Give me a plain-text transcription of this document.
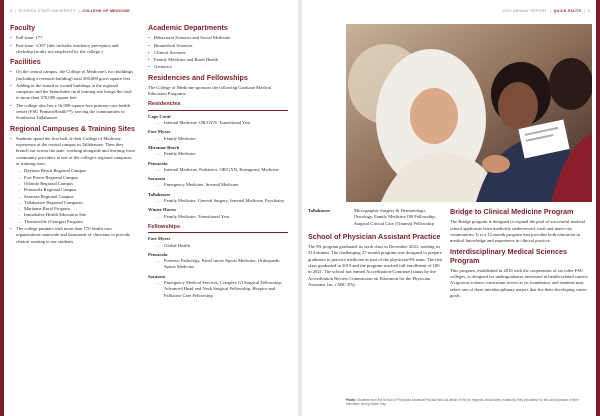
8  |  FLORIDA STATE UNIVERSITY  |  COLLEGE OF MEDICINE
Faculty
• Full-time: 177
• Part-time: 3,397 (this includes residency preceptors and clerkship faculty not employed by the college.)
Facilities
• On the central campus, the College of Medicine's two buildings (including a research building) total 300,000 gross square feet.
• Adding in the leased or owned buildings at the regional campuses and the Immokalee rural training site brings the total to more than 378,000 square feet.
• The college also has a 16,000-square-foot primary-care health center (FSU PrimaryHealth™), serving the communities in Southwest Tallahassee.
Regional Campuses & Training Sites
• Students spend the first half of their College of Medicine experience at the central campus in Tallahassee. Then they branch out across the state, working alongside and learning from community providers at one of the college's regional campuses or training sites.
– Daytona Beach Regional Campus
– Fort Pierce Regional Campus
– Orlando Regional Campus
– Pensacola Regional Campus
– Sarasota Regional Campus
– Tallahassee Regional Campuses
– Marianna Rural Program
– Immokalee Health Education Site
– Thomasville (Georgia) Program
• The college partners with more than 170 health care organizations statewide and thousands of clinicians to provide clinical training to our students.
Academic Departments
• Behavioral Sciences and Social Medicine
• Biomedical Sciences
• Clinical Sciences
• Family Medicine and Rural Health
• Geriatrics
Residencies and Fellowships

The College of Medicine sponsors the following Graduate Medical Education Programs:

Residencies
Cape Coral
– Internal Medicine, OB/GYN, Transitional Year
Fort Myers
– Family Medicine
Miramar Beach
– Family Medicine
Pensacola
– Internal Medicine, Pediatrics, OB/GYN, Emergency Medicine
Sarasota
– Emergency Medicine, Internal Medicine
Tallahassee
– Family Medicine, General Surgery, Internal Medicine, Psychiatry
Winter Haven
– Family Medicine, Transitional Year
Fellowships
Fort Myers
– Global Health
Pensacola
– Forensic Pathology, Pain/Cancer Sports Medicine, Orthopaedic Sports Medicine
Sarasota
– Emergency Medical Services, Complex GI Surgical Fellowship, Advanced Head and Neck Surgical Fellowship, Hospice and Palliative Care Fellowship
2022 ANNUAL REPORT  |  QUICK FACTS  |  9
Tallahassee	Micrographic Surgery & Dermatologic Oncology, Family Medicine OB Fellowship, Surgical Critical Care (Trauma) Fellowship
School of Physician Assistant Practice

The PA program graduated its sixth class in December 2021, totaling its 314 alumni. The challenging 27-month program was designed to prepare graduates to practice medicine as part of the physician-PA team. The first class graduated in 2019 and the program reached full enrollment of 180 in 2021. The school has earned Accreditation-Continued status by the Accreditation Review Commission on Education for the Physician Assistant, Inc. (ARC-PA).

Bridge to Clinical Medicine Program

The Bridge program is designed to expand the pool of successful medical school applicants from medically underserved, rural and inner-city communities. It is a 12-month program that provides both education in medical knowledge and experience in clinical practice.

Interdisciplinary Medical Sciences Program

This program, established in 2016 with the cooperation of six other FSU colleges, is designed for undergraduates interested in health-related careers. A rigorous science curriculum serves as its foundation, and students may select one of three interdisciplinary majors that fits their developing career goals.

Photo: Students from the School of Physician Assistant Practice find out which of the six regional clinical sites (rotations) they will attend for the clinical phase of their education during Match Day.
